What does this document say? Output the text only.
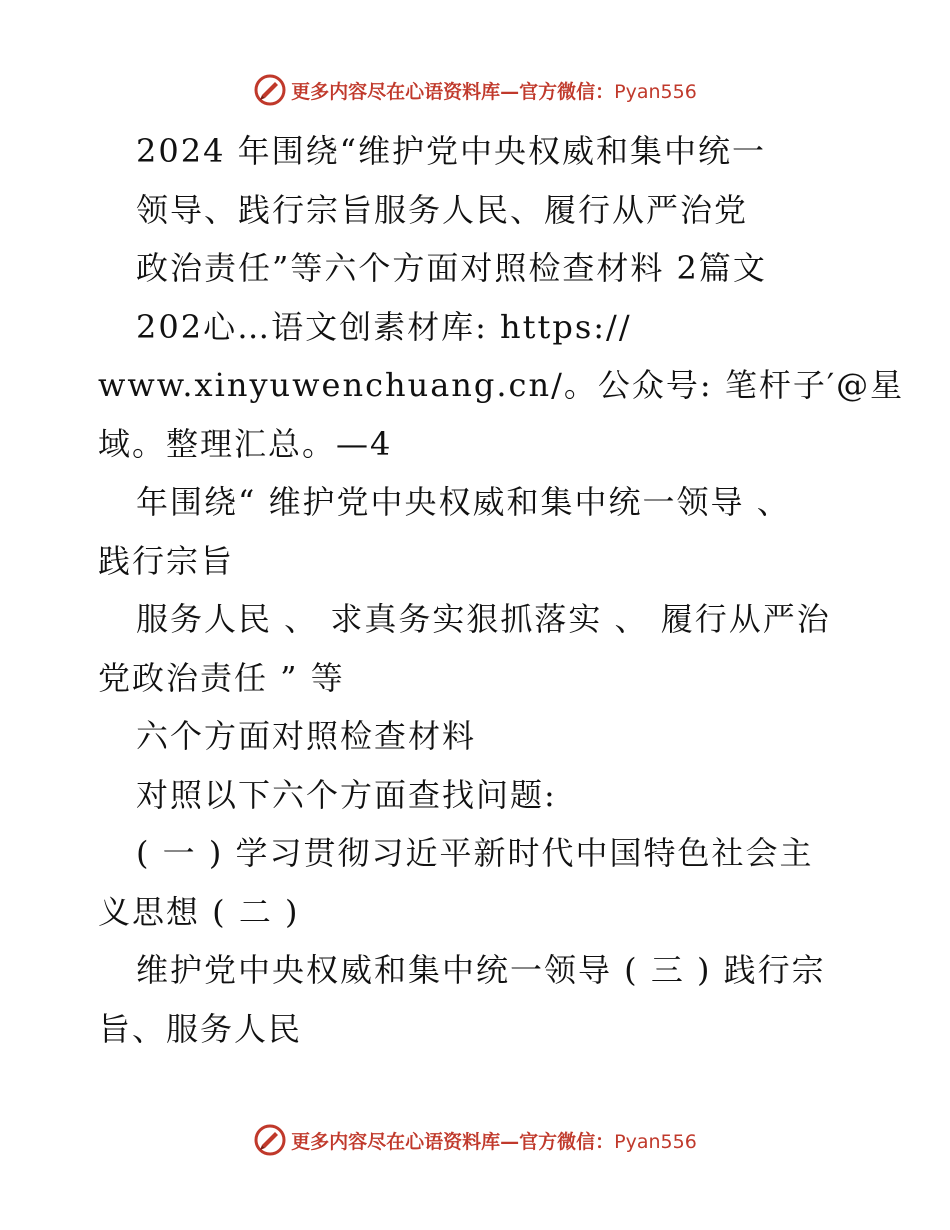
更多内容尽在心语资料库—官方微信：Pyan556
2024 年围绕“维护党中央权威和集中统一
领导、践行宗旨服务人民、履行从严治党
政治责任”等六个方面对照检查材料 2篇文
202心…语文创素材库: https://
www.xinyuwenchuang.cn/。公众号: 笔杆子′@星
域。整理汇总。—4
年围绕“ 维护党中央权威和集中统一领导 、
践行宗旨
服务人民 、 求真务实狠抓落实 、 履行从严治
党政治责任 ” 等
六个方面对照检查材料
对照以下六个方面查找问题:
( 一 ) 学习贯彻习近平新时代中国特色社会主
义思想 ( 二 )
维护党中央权威和集中统一领导 ( 三 ) 践行宗
旨、服务人民
更多内容尽在心语资料库—官方微信：Pyan556
